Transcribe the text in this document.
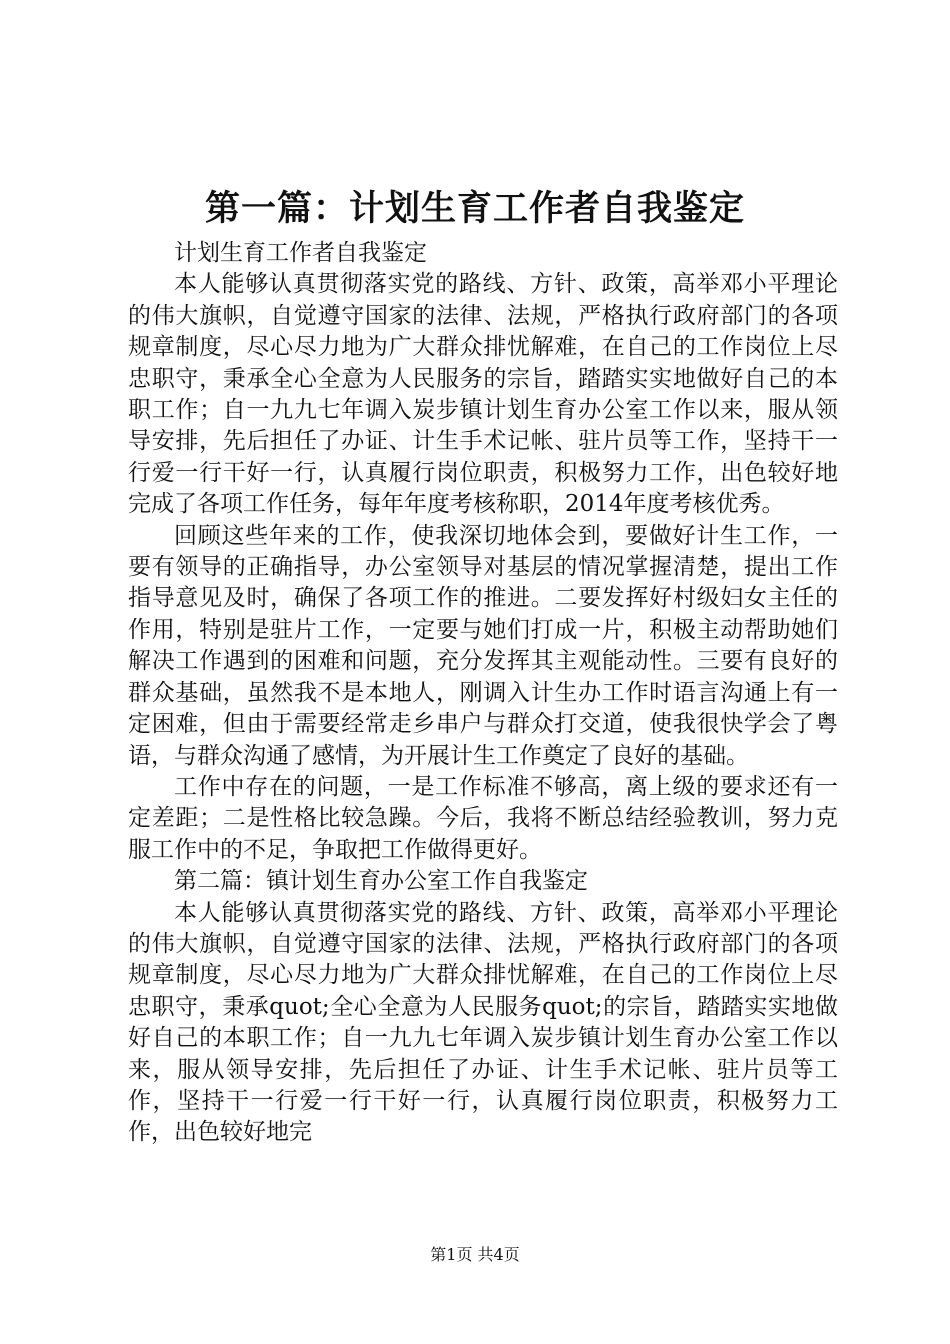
第一篇：计划生育工作者自我鉴定

计划生育工作者自我鉴定

本人能够认真贯彻落实党的路线、方针、政策，高举邓小平理论的伟大旗帜，自觉遵守国家的法律、法规，严格执行政府部门的各项规章制度，尽心尽力地为广大群众排忧解难，在自己的工作岗位上尽忠职守，秉承全心全意为人民服务的宗旨，踏踏实实地做好自己的本职工作；自一九九七年调入炭步镇计划生育办公室工作以来，服从领导安排，先后担任了办证、计生手术记帐、驻片员等工作，坚持干一行爱一行干好一行，认真履行岗位职责，积极努力工作，出色较好地完成了各项工作任务，每年年度考核称职，2014年度考核优秀。

回顾这些年来的工作，使我深切地体会到，要做好计生工作，一要有领导的正确指导，办公室领导对基层的情况掌握清楚，提出工作指导意见及时，确保了各项工作的推进。二要发挥好村级妇女主任的作用，特别是驻片工作，一定要与她们打成一片，积极主动帮助她们解决工作遇到的困难和问题，充分发挥其主观能动性。三要有良好的群众基础，虽然我不是本地人，刚调入计生办工作时语言沟通上有一定困难，但由于需要经常走乡串户与群众打交道，使我很快学会了粤语，与群众沟通了感情，为开展计生工作奠定了良好的基础。

工作中存在的问题，一是工作标准不够高，离上级的要求还有一定差距；二是性格比较急躁。今后，我将不断总结经验教训，努力克服工作中的不足，争取把工作做得更好。

第二篇：镇计划生育办公室工作自我鉴定

本人能够认真贯彻落实党的路线、方针、政策，高举邓小平理论的伟大旗帜，自觉遵守国家的法律、法规，严格执行政府部门的各项规章制度，尽心尽力地为广大群众排忧解难，在自己的工作岗位上尽忠职守，秉承quot;全心全意为人民服务quot;的宗旨，踏踏实实地做好自己的本职工作；自一九九七年调入炭步镇计划生育办公室工作以来，服从领导安排，先后担任了办证、计生手术记帐、驻片员等工作，坚持干一行爱一行干好一行，认真履行岗位职责，积极努力工作，出色较好地完

第1页 共4页
